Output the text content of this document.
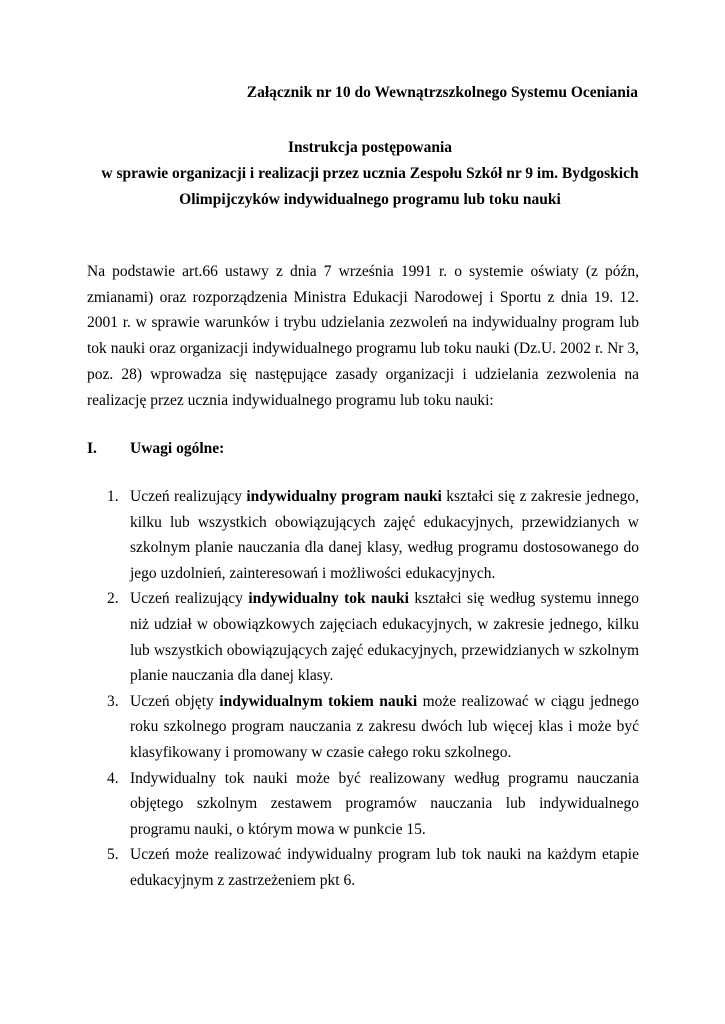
Załącznik nr 10 do Wewnątrzszkolnego Systemu Oceniania
Instrukcja postępowania
w sprawie organizacji i realizacji przez ucznia Zespołu Szkół nr 9 im. Bydgoskich
Olimpijczyków indywidualnego programu lub toku nauki

Na podstawie art.66 ustawy z dnia 7 września 1991 r. o systemie oświaty (z późn, zmianami) oraz rozporządzenia Ministra Edukacji Narodowej i Sportu z dnia 19. 12. 2001 r. w sprawie warunków i trybu udzielania zezwoleń na indywidualny program lub tok nauki oraz organizacji indywidualnego programu lub toku nauki (Dz.U. 2002 r. Nr 3, poz. 28) wprowadza się następujące zasady organizacji i udzielania zezwolenia na realizację przez ucznia indywidualnego programu lub toku nauki:

I. Uwagi ogólne:
1. Uczeń realizujący indywidualny program nauki kształci się z zakresie jednego, kilku lub wszystkich obowiązujących zajęć edukacyjnych, przewidzianych w szkolnym planie nauczania dla danej klasy, według programu dostosowanego do jego uzdolnień, zainteresowań i możliwości edukacyjnych.
2. Uczeń realizujący indywidualny tok nauki kształci się według systemu innego niż udział w obowiązkowych zajęciach edukacyjnych, w zakresie jednego, kilku lub wszystkich obowiązujących zajęć edukacyjnych, przewidzianych w szkolnym planie nauczania dla danej klasy.
3. Uczeń objęty indywidualnym tokiem nauki może realizować w ciągu jednego roku szkolnego program nauczania z zakresu dwóch lub więcej klas i może być klasyfikowany i promowany w czasie całego roku szkolnego.
4. Indywidualny tok nauki może być realizowany według programu nauczania objętego szkolnym zestawem programów nauczania lub indywidualnego programu nauki, o którym mowa w punkcie 15.
5. Uczeń może realizować indywidualny program lub tok nauki na każdym etapie edukacyjnym z zastrzeżeniem pkt 6.
